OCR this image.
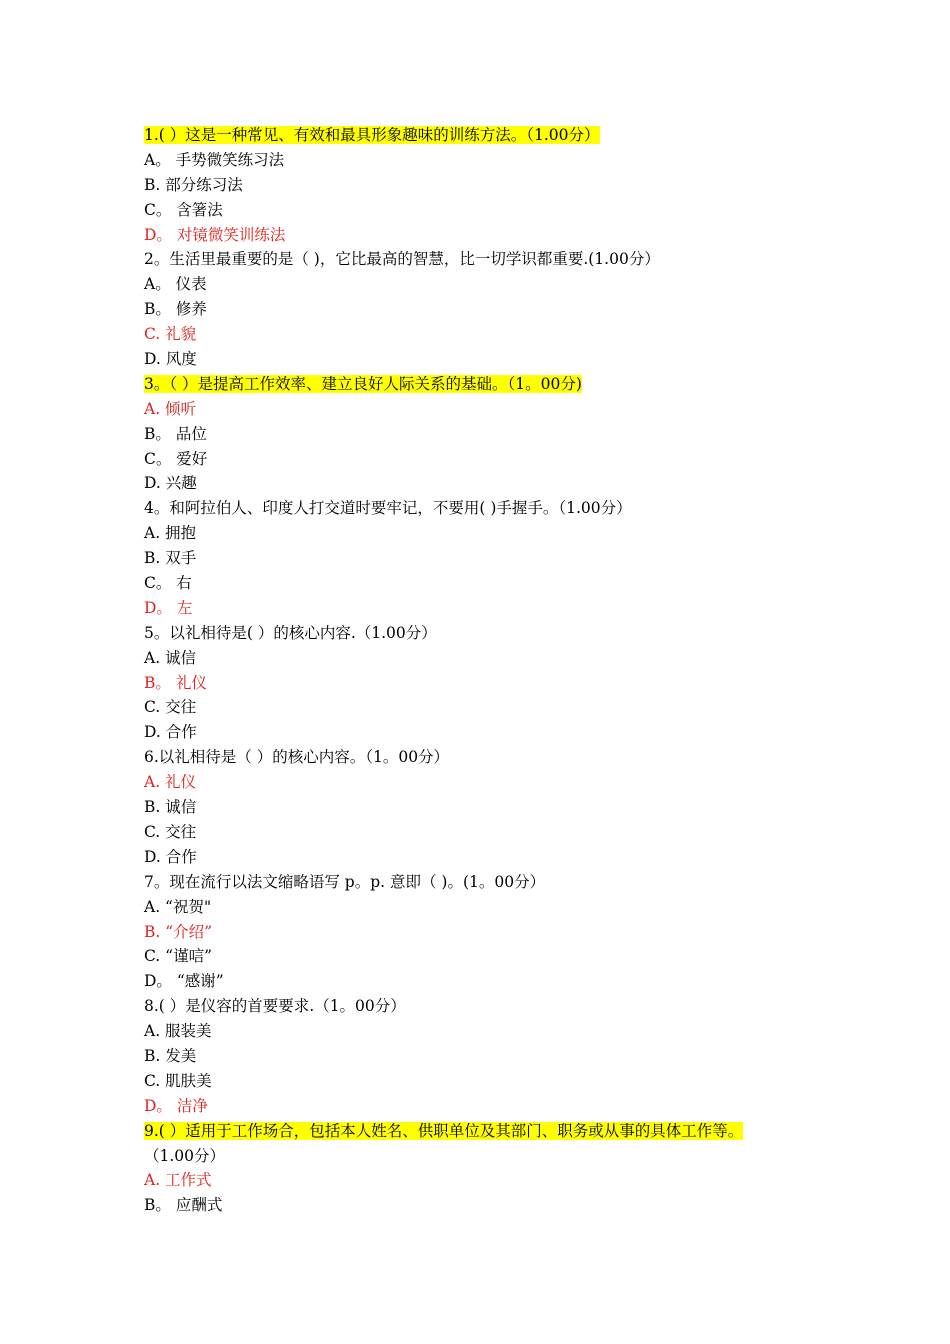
1.( ）这是一种常见、有效和最具形象趣味的训练方法。（1.00分）
A。 手势微笑练习法
B. 部分练习法
C。 含箸法
D。 对镜微笑训练法
2。生活里最重要的是（ )，它比最高的智慧，比一切学识都重要.(1.00分）
A。 仪表
B。 修养
C. 礼貌
D. 风度
3。（ ）是提高工作效率、建立良好人际关系的基础。（1。00分)
A. 倾听
B。 品位
C。 爱好
D. 兴趣
4。和阿拉伯人、印度人打交道时要牢记，不要用( )手握手。（1.00分）
A. 拥抱
B. 双手
C。 右
D。 左
5。以礼相待是( ）的核心内容.（1.00分）
A. 诚信
B。 礼仪
C. 交往
D. 合作
6.以礼相待是（ ）的核心内容。（1。00分）
A. 礼仪
B. 诚信
C. 交往
D. 合作
7。现在流行以法文缩略语写 p。p. 意即（ )。(1。00分）
A. “祝贺"
B. “介绍”
C. “谨唁”
D。 “感谢”
8.( ）是仪容的首要要求.（1。00分）
A. 服装美
B. 发美
C. 肌肤美
D。 洁净
9.( ）适用于工作场合，包括本人姓名、供职单位及其部门、职务或从事的具体工作等。
（1.00分）
A. 工作式
B。 应酬式
